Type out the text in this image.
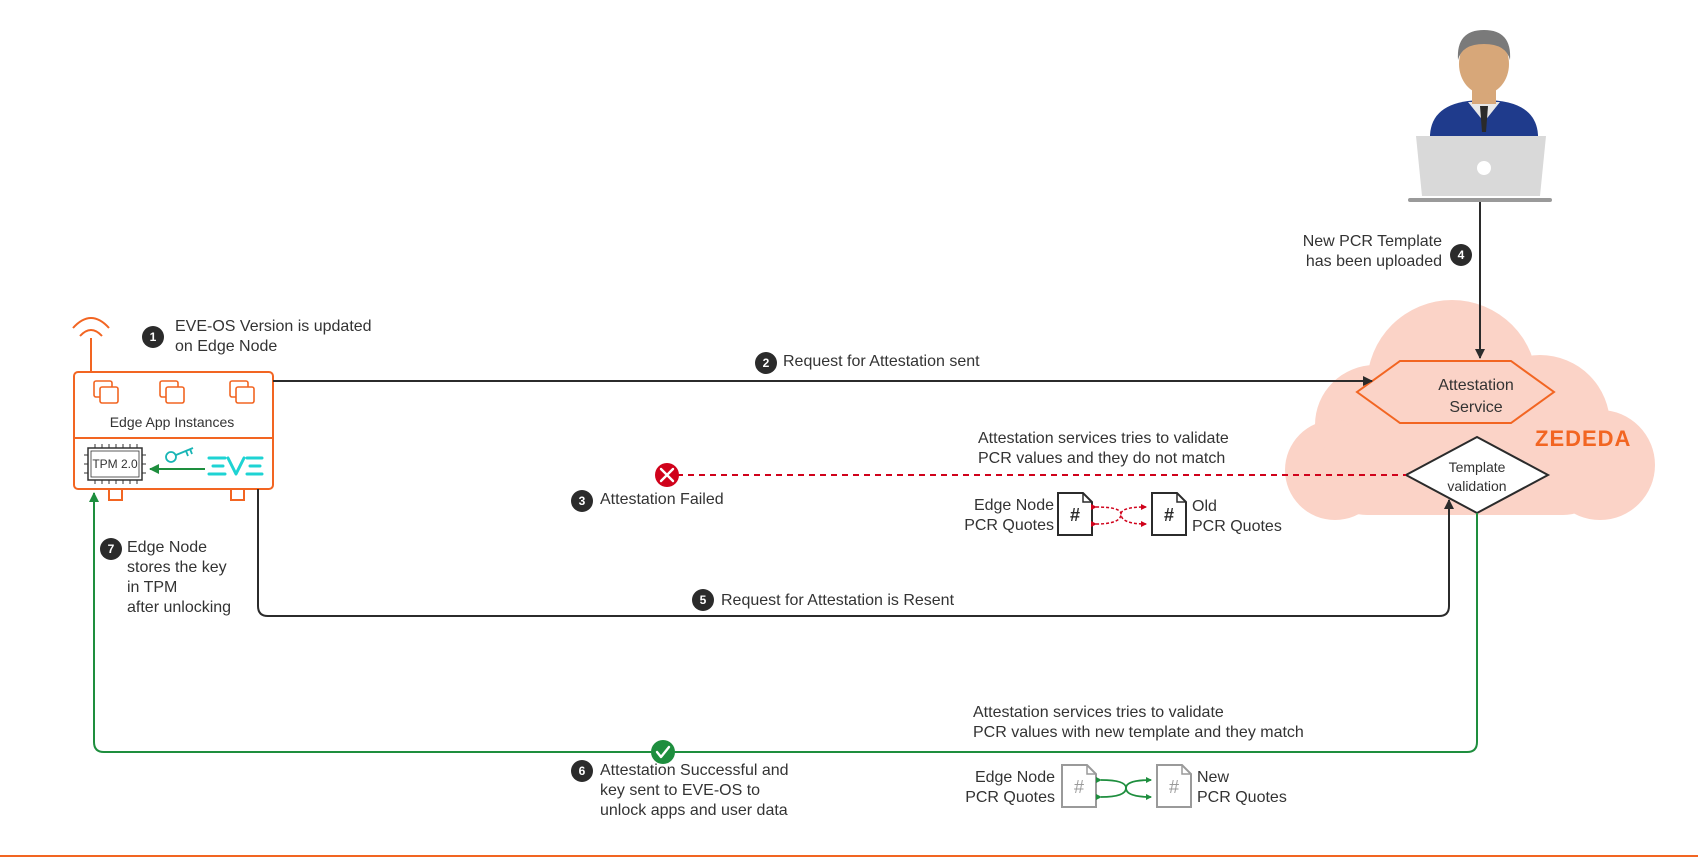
Edge App Instances
TPM 2.0
Attestation
Service
Template
validation
ZEDEDA
#	#
#	#
1
2
3
4
5
6
7
EVE-OS Version is updated
on Edge Node
Request for Attestation sent
Attestation services tries to validate
PCR values and they do not match
Attestation Failed
New PCR Template
has been uploaded
Edge Node
PCR Quotes
Old
PCR Quotes
Edge Node
stores the key
in TPM
after unlocking	Request for Attestation is Resent
Attestation services tries to validate
PCR values with new template and they match
Attestation Successful and
key sent to EVE-OS to
unlock apps and user data
Edge Node
PCR Quotes
New
PCR Quotes
